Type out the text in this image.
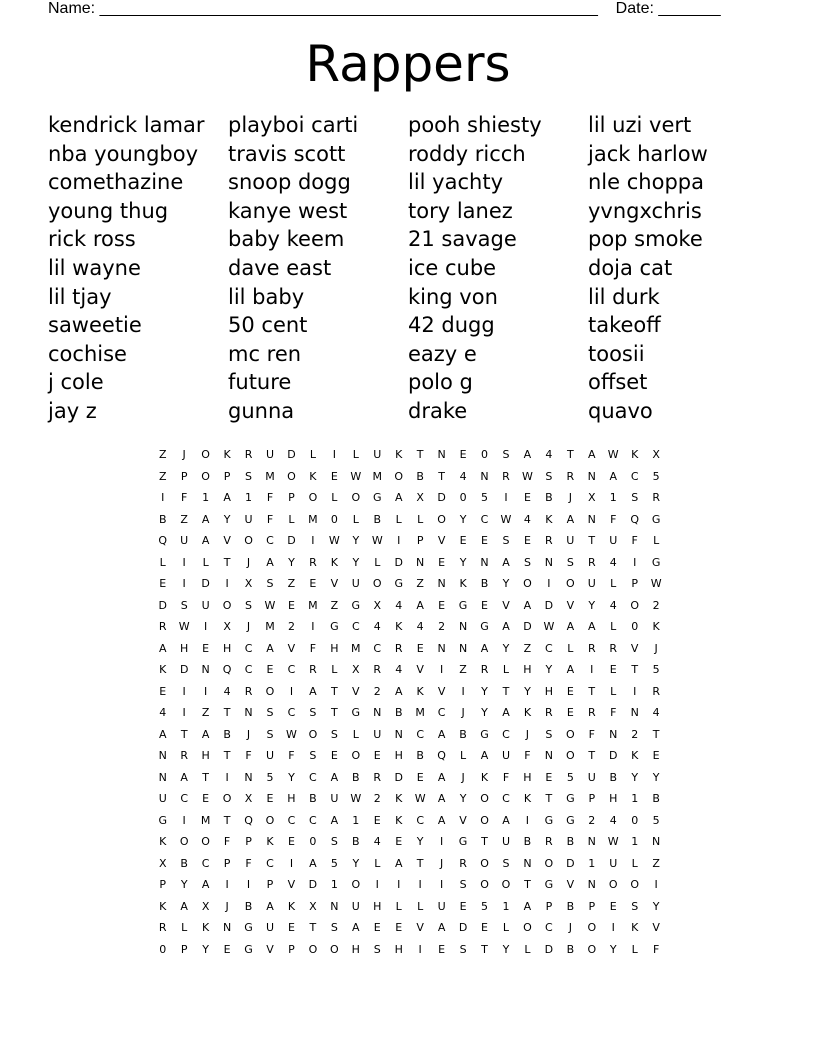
Name: ________________________________________________________ Date: _______
Rappers
kendrick lamar
nba youngboy
comethazine
young thug
rick ross
lil wayne
lil tjay
saweetie
cochise
j cole
jay z
playboi carti
travis scott
snoop dogg
kanye west
baby keem
dave east
lil baby
50 cent
mc ren
future
gunna
pooh shiesty
roddy ricch
lil yachty
tory lanez
21 savage
ice cube
king von
42 dugg
eazy e
polo g
drake
lil uzi vert
jack harlow
nle choppa
yvngxchris
pop smoke
doja cat
lil durk
takeoff
toosii
offset
quavo
Z	J	O	K	R	U	D	L	I	L	U	K	T	N	E	0	S	A	4	T	A	W	K	X
Z	P	O	P	S	M	O	K	E	W	M	O	B	T	4	N	R	W	S	R	N	A	C	5
I	F	1	A	1	F	P	O	L	O	G	A	X	D	0	5	I	E	B	J	X	1	S	R
B	Z	A	Y	U	F	L	M	0	L	B	L	L	O	Y	C	W	4	K	A	N	F	Q	G
Q	U	A	V	O	C	D	I	W	Y	W	I	P	V	E	E	S	E	R	U	T	U	F	L
L	I	L	T	J	A	Y	R	K	Y	L	D	N	E	Y	N	A	S	N	S	R	4	I	G
E	I	D	I	X	S	Z	E	V	U	O	G	Z	N	K	B	Y	O	I	O	U	L	P	W
D	S	U	O	S	W	E	M	Z	G	X	4	A	E	G	E	V	A	D	V	Y	4	O	2
R	W	I	X	J	M	2	I	G	C	4	K	4	2	N	G	A	D	W	A	A	L	0	K
A	H	E	H	C	A	V	F	H	M	C	R	E	N	N	A	Y	Z	C	L	R	R	V	J
K	D	N	Q	C	E	C	R	L	X	R	4	V	I	Z	R	L	H	Y	A	I	E	T	5
E	I	I	4	R	O	I	A	T	V	2	A	K	V	I	Y	T	Y	H	E	T	L	I	R
4	I	Z	T	N	S	C	S	T	G	N	B	M	C	J	Y	A	K	R	E	R	F	N	4
A	T	A	B	J	S	W	O	S	L	U	N	C	A	B	G	C	J	S	O	F	N	2	T
N	R	H	T	F	U	F	S	E	O	E	H	B	Q	L	A	U	F	N	O	T	D	K	E
N	A	T	I	N	5	Y	C	A	B	R	D	E	A	J	K	F	H	E	5	U	B	Y	Y
U	C	E	O	X	E	H	B	U	W	2	K	W	A	Y	O	C	K	T	G	P	H	1	B
G	I	M	T	Q	O	C	C	A	1	E	K	C	A	V	O	A	I	G	G	2	4	0	5
K	O	O	F	P	K	E	0	S	B	4	E	Y	I	G	T	U	B	R	B	N	W	1	N
X	B	C	P	F	C	I	A	5	Y	L	A	T	J	R	O	S	N	O	D	1	U	L	Z
P	Y	A	I	I	P	V	D	1	O	I	I	I	I	S	O	O	T	G	V	N	O	O	I
K	A	X	J	B	A	K	X	N	U	H	L	L	U	E	5	1	A	P	B	P	E	S	Y
R	L	K	N	G	U	E	T	S	A	E	E	V	A	D	E	L	O	C	J	O	I	K	V
0	P	Y	E	G	V	P	O	O	H	S	H	I	E	S	T	Y	L	D	B	O	Y	L	F
